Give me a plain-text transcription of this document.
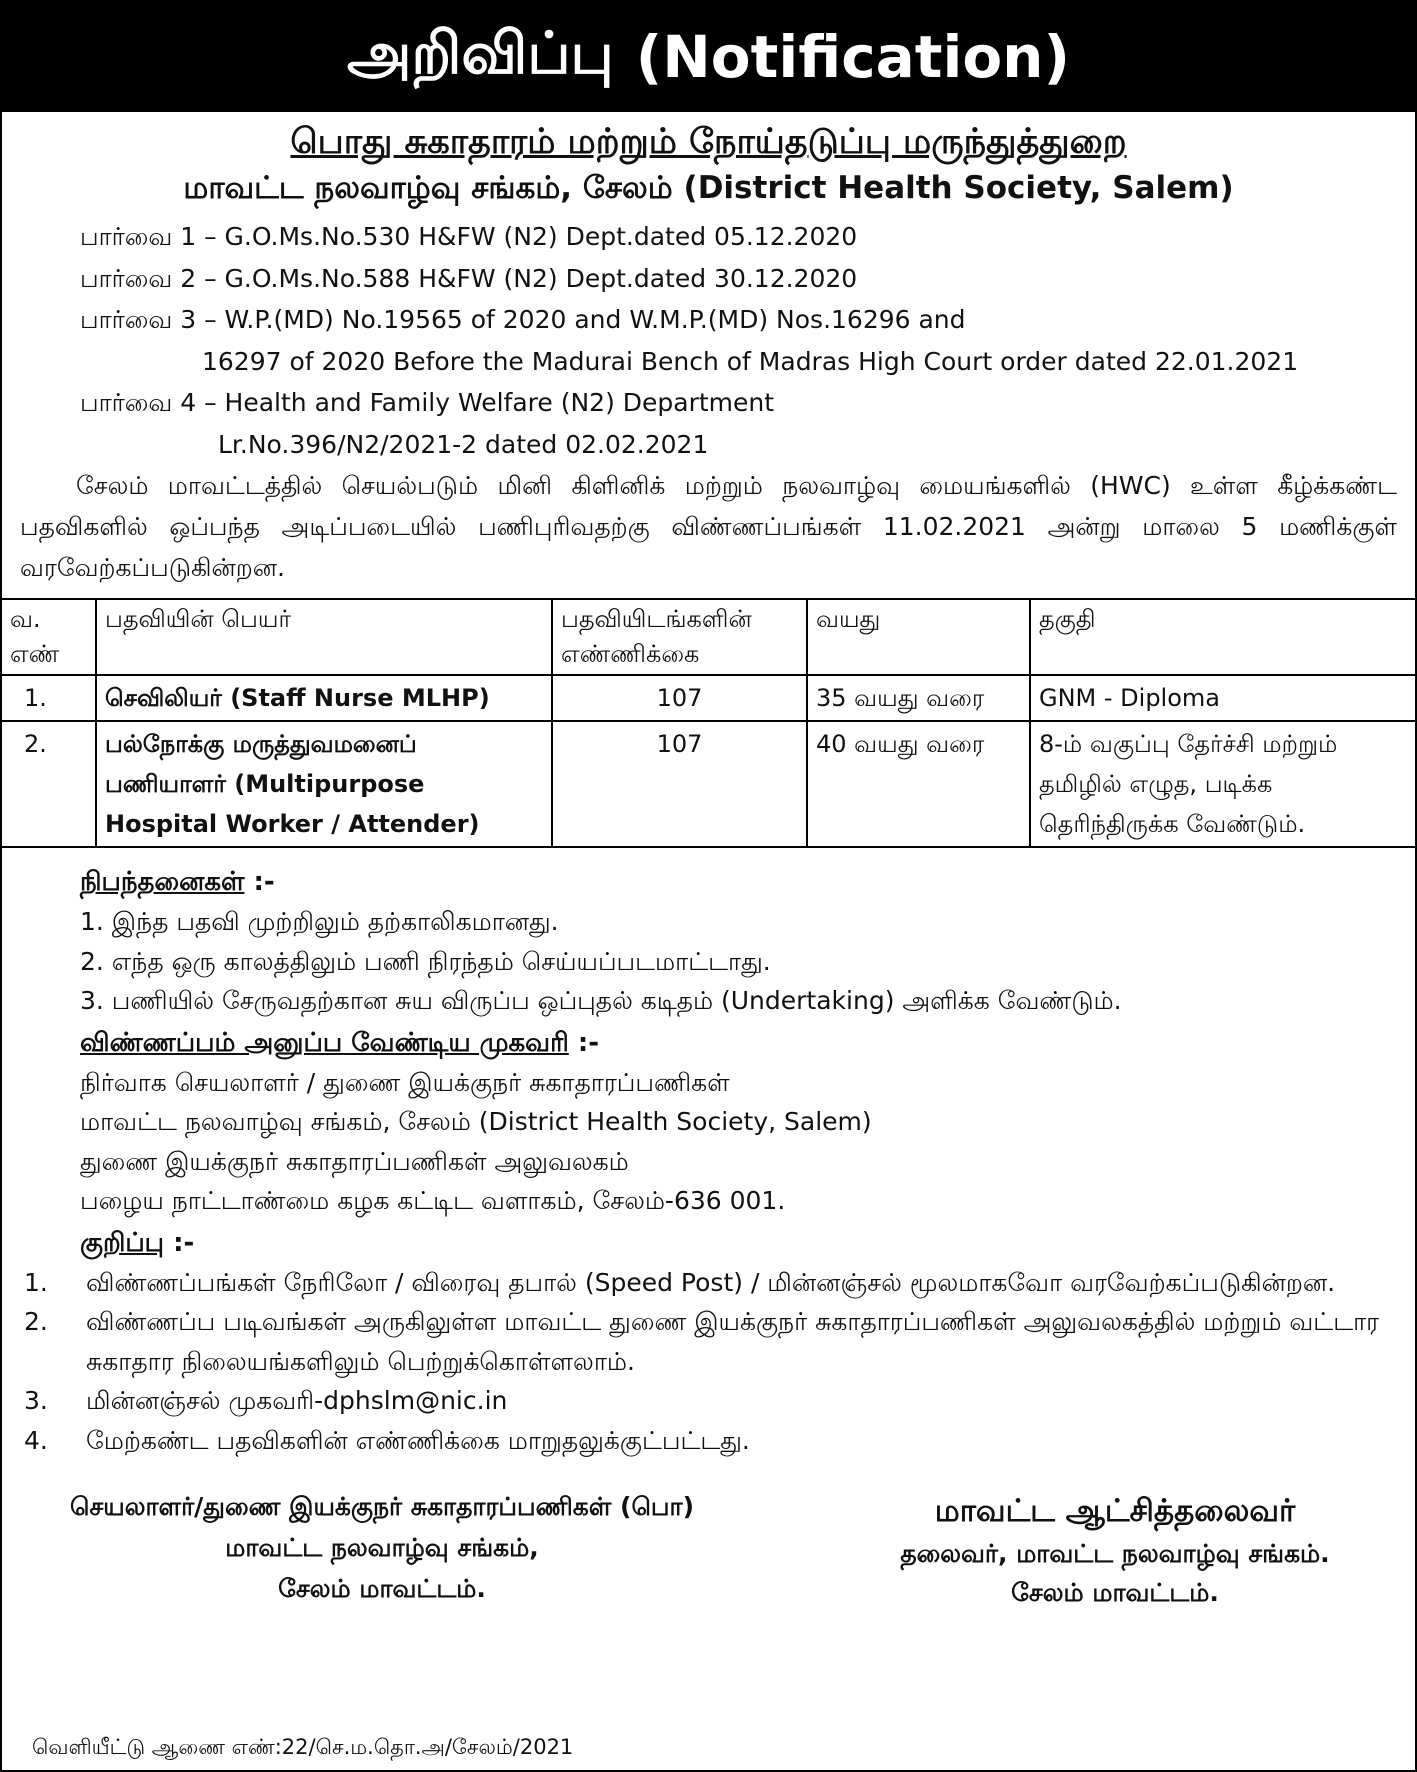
அறிவிப்பு (Notification)
பொது சுகாதாரம் மற்றும் நோய்தடுப்பு மருந்துத்துறை
மாவட்ட நலவாழ்வு சங்கம், சேலம் (District Health Society, Salem)
பார்வை 1 – G.O.Ms.No.530 H&FW (N2) Dept.dated 05.12.2020
பார்வை 2 – G.O.Ms.No.588 H&FW (N2) Dept.dated 30.12.2020
பார்வை 3 – W.P.(MD) No.19565 of 2020 and W.M.P.(MD) Nos.16296 and
16297 of 2020 Before the Madurai Bench of Madras High Court order dated 22.01.2021
பார்வை 4 – Health and Family Welfare (N2) Department
Lr.No.396/N2/2021-2 dated 02.02.2021
சேலம் மாவட்டத்தில் செயல்படும் மினி கிளினிக் மற்றும் நலவாழ்வு மையங்களில் (HWC) உள்ள கீழ்க்கண்ட பதவிகளில் ஒப்பந்த அடிப்படையில் பணிபுரிவதற்கு விண்ணப்பங்கள் 11.02.2021 அன்று மாலை 5 மணிக்குள் வரவேற்கப்படுகின்றன.
வ. எண்	பதவியின் பெயர்	பதவியிடங்களின் எண்ணிக்கை	வயது	தகுதி
1.	செவிலியர் (Staff Nurse MLHP)	107	35 வயது வரை	GNM - Diploma
2.	பல்நோக்கு மருத்துவமனைப் பணியாளர் (Multipurpose Hospital Worker / Attender)	107	40 வயது வரை	8-ம் வகுப்பு தேர்ச்சி மற்றும் தமிழில் எழுத, படிக்க தெரிந்திருக்க வேண்டும்.
நிபந்தனைகள் :-
1. இந்த பதவி முற்றிலும் தற்காலிகமானது.
2. எந்த ஒரு காலத்திலும் பணி நிரந்தம் செய்யப்படமாட்டாது.
3. பணியில் சேருவதற்கான சுய விருப்ப ஒப்புதல் கடிதம் (Undertaking) அளிக்க வேண்டும்.
விண்ணப்பம் அனுப்ப வேண்டிய முகவரி :-
நிர்வாக செயலாளர் / துணை இயக்குநர் சுகாதாரப்பணிகள்
மாவட்ட நலவாழ்வு சங்கம், சேலம் (District Health Society, Salem)
துணை இயக்குநர் சுகாதாரப்பணிகள் அலுவலகம்
பழைய நாட்டாண்மை கழக கட்டிட வளாகம், சேலம்-636 001.
குறிப்பு :-
1.	விண்ணப்பங்கள் நேரிலோ / விரைவு தபால் (Speed Post) / மின்னஞ்சல் மூலமாகவோ வரவேற்கப்படுகின்றன.
2.	விண்ணப்ப படிவங்கள் அருகிலுள்ள மாவட்ட துணை இயக்குநர் சுகாதாரப்பணிகள் அலுவலகத்தில் மற்றும் வட்டார சுகாதார நிலையங்களிலும் பெற்றுக்கொள்ளலாம்.
3.	மின்னஞ்சல் முகவரி-dphslm@nic.in
4.	மேற்கண்ட பதவிகளின் எண்ணிக்கை மாறுதலுக்குட்பட்டது.
செயலாளர்/துணை இயக்குநர் சுகாதாரப்பணிகள் (பொ)
மாவட்ட நலவாழ்வு சங்கம்,
சேலம் மாவட்டம்.
மாவட்ட ஆட்சித்தலைவர்
தலைவர், மாவட்ட நலவாழ்வு சங்கம்.
சேலம் மாவட்டம்.
வெளியீட்டு ஆணை எண்:22/செ.ம.தொ.அ/சேலம்/2021
